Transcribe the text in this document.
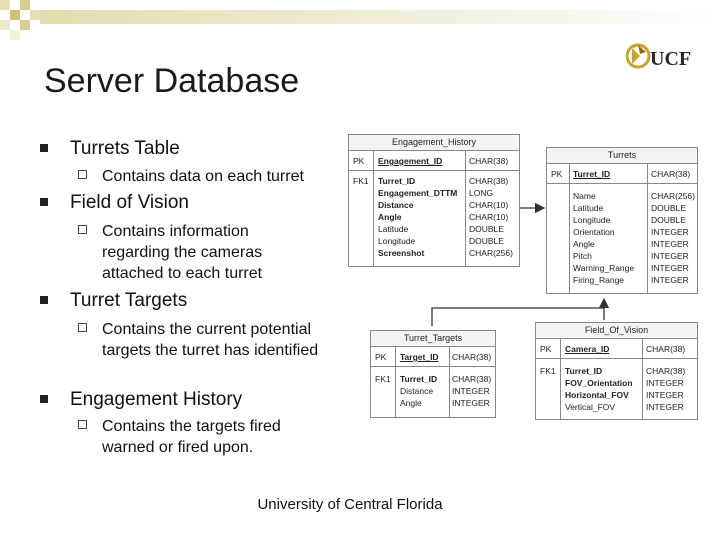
Server Database
UCF
Turrets Table
Contains data on each turret
Field of Vision
Contains information regarding the cameras attached to each turret
Turret Targets
Contains the current potential targets the turret has identified
Engagement History
Contains the targets fired warned or fired upon.
Engagement_History
PK Engagement_ID	CHAR(38)
FK1 Turret_ID	CHAR(38)
Engagement_DTTM LONG
Distance	CHAR(10)
Angle	CHAR(10)
Latitude	DOUBLE
Longitude	DOUBLE
Screenshot	CHAR(256)
Turrets
PK Turret_ID	CHAR(38)
Name	CHAR(256)
Latitude	DOUBLE
Longitude	DOUBLE
Orientation	INTEGER
Angle	INTEGER
Pitch	INTEGER
Warning_Range INTEGER
Firing_Range	INTEGER
Turret_Targets
PK Target_ID CHAR(38)
FK1 Turret_ID CHAR(38)
Distance INTEGER
Angle	INTEGER
Field_Of_Vision
PK Camera_ID	CHAR(38)
FK1 Turret_ID	CHAR(38)
FOV_Orientation INTEGER
Horizontal_FOV INTEGER
Vertical_FOV	INTEGER
University of Central Florida
